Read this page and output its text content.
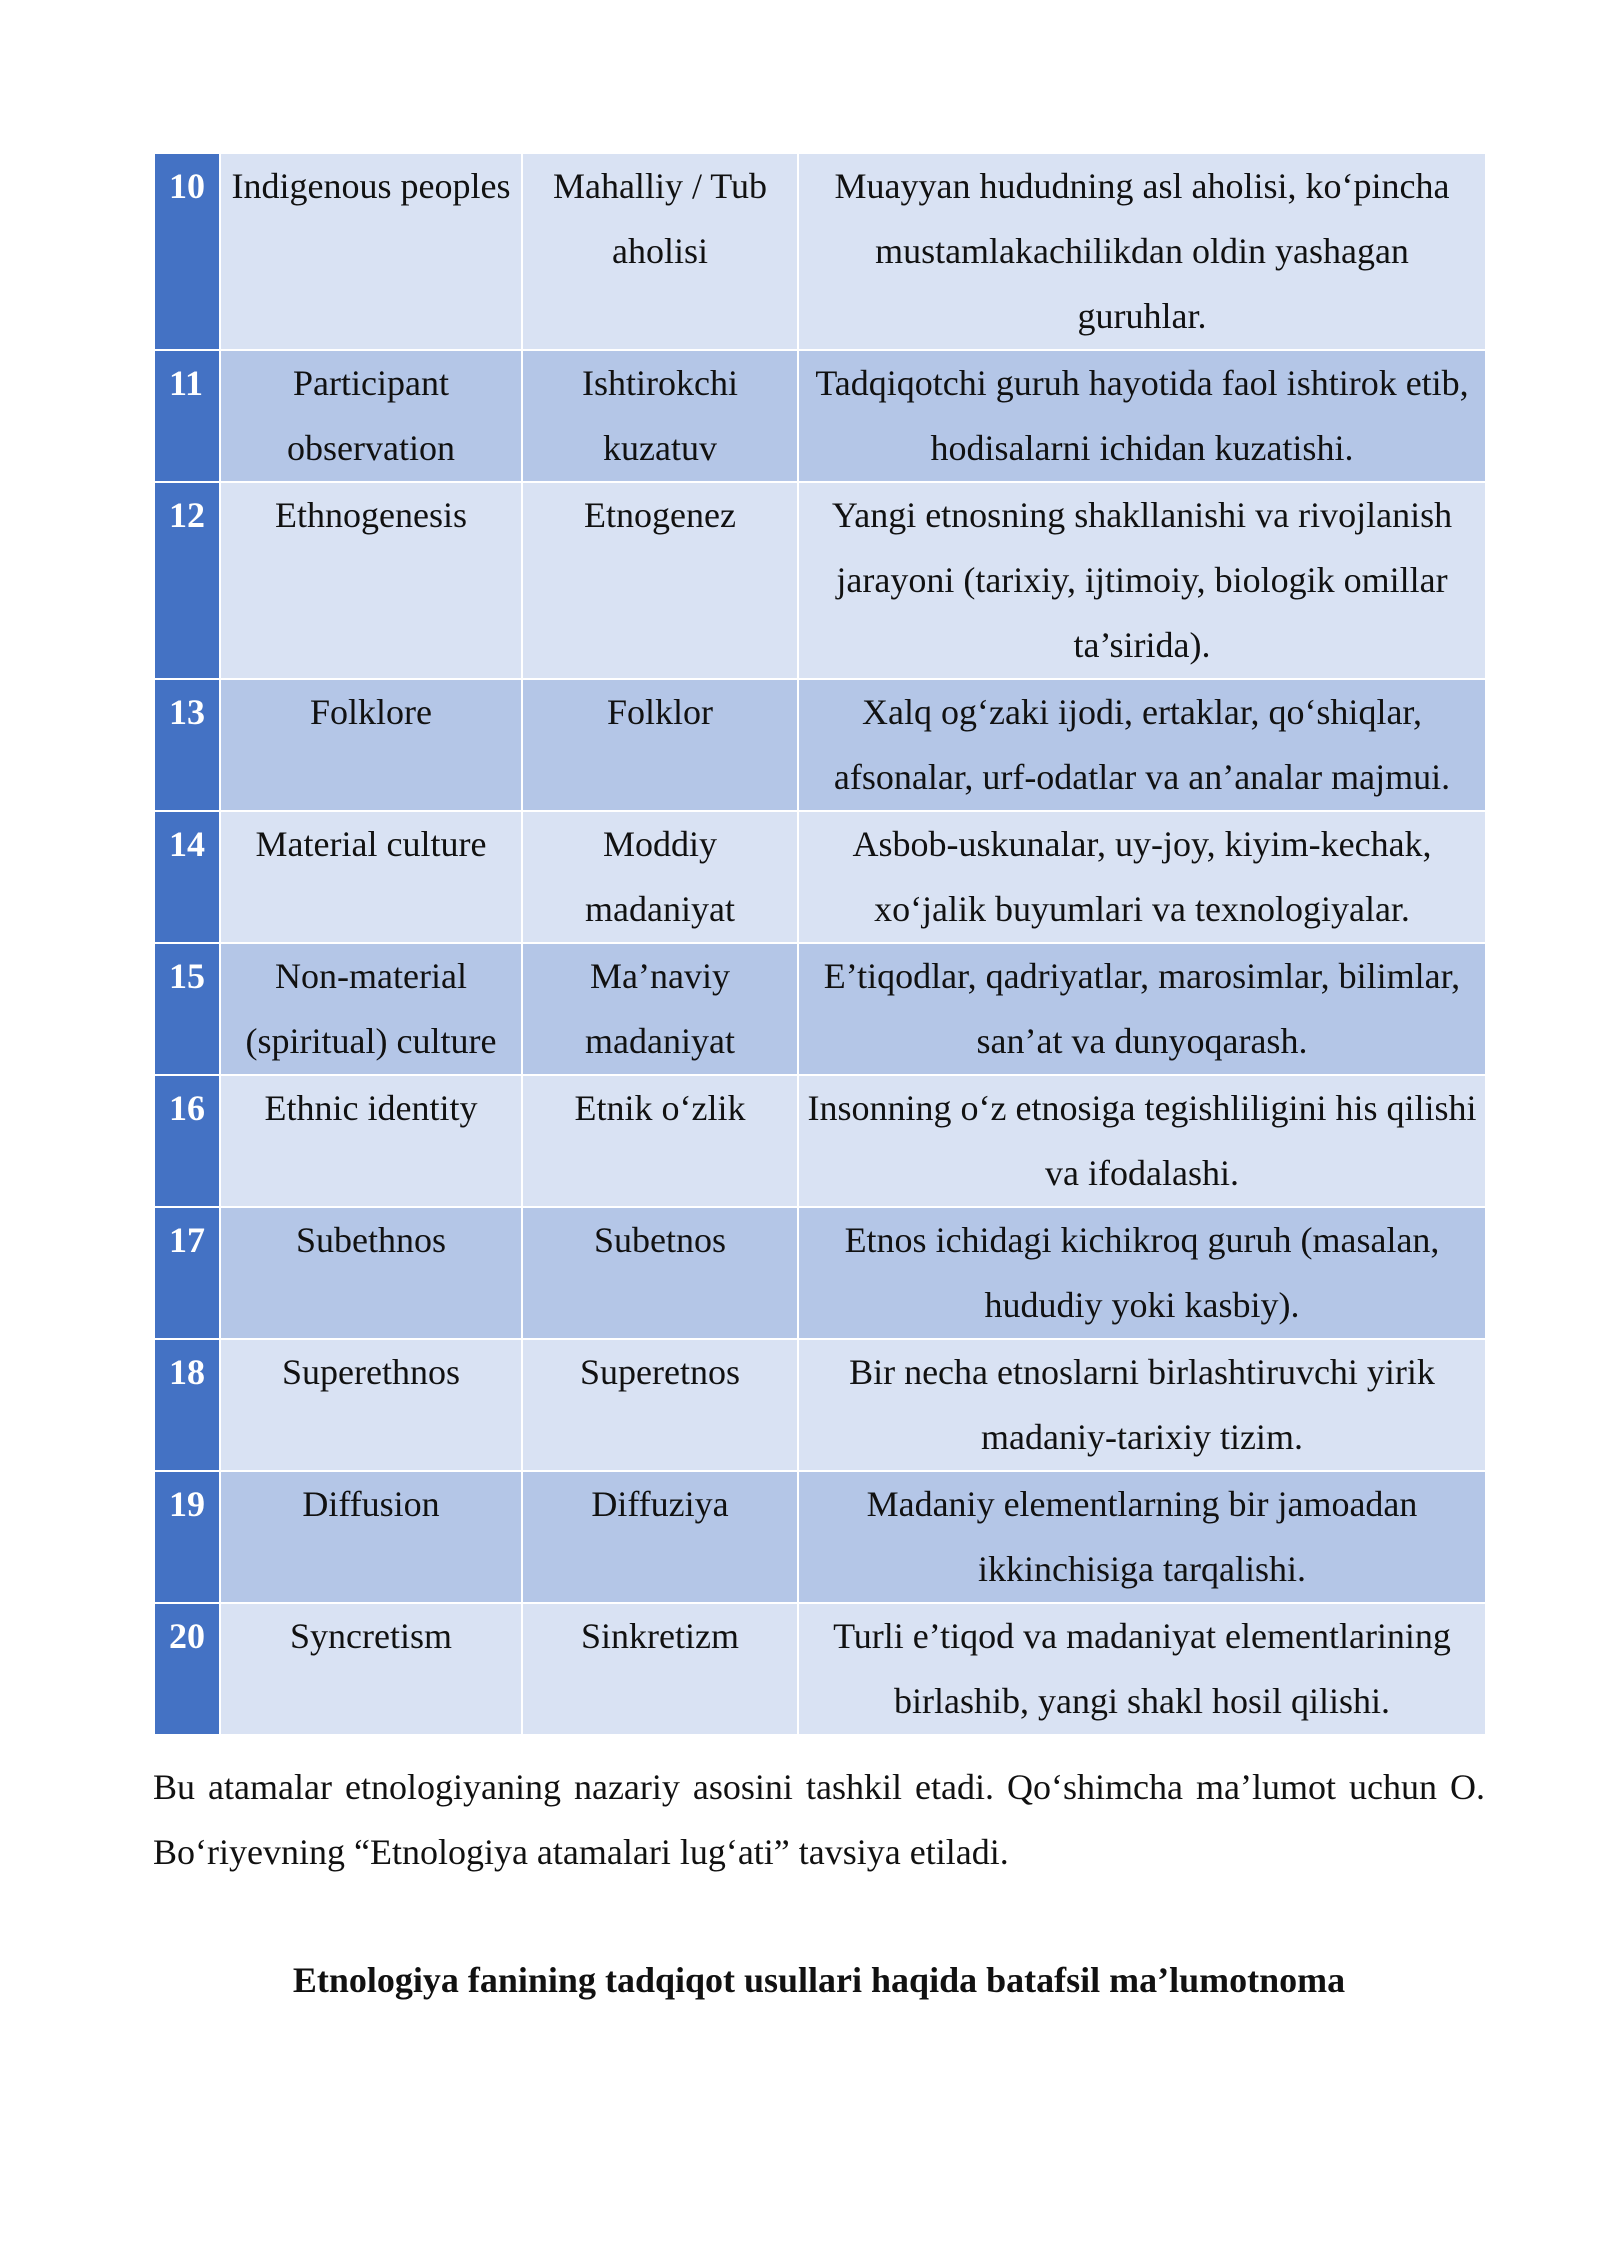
10	Indigenous peoples	Mahalliy / Tub aholisi	Muayyan hududning asl aholisi, ko‘pincha mustamlakachilikdan oldin yashagan guruhlar.
11	Participant observation	Ishtirokchi kuzatuv	Tadqiqotchi guruh hayotida faol ishtirok etib, hodisalarni ichidan kuzatishi.
12	Ethnogenesis	Etnogenez	Yangi etnosning shakllanishi va rivojlanish jarayoni (tarixiy, ijtimoiy, biologik omillar ta’sirida).
13	Folklore	Folklor	Xalq og‘zaki ijodi, ertaklar, qo‘shiqlar, afsonalar, urf-odatlar va an’analar majmui.
14	Material culture	Moddiy madaniyat	Asbob-uskunalar, uy-joy, kiyim-kechak, xo‘jalik buyumlari va texnologiyalar.
15	Non-material (spiritual) culture	Ma’naviy madaniyat	E’tiqodlar, qadriyatlar, marosimlar, bilimlar, san’at va dunyoqarash.
16	Ethnic identity	Etnik o‘zlik	Insonning o‘z etnosiga tegishliligini his qilishi va ifodalashi.
17	Subethnos	Subetnos	Etnos ichidagi kichikroq guruh (masalan, hududiy yoki kasbiy).
18	Superethnos	Superetnos	Bir necha etnoslarni birlashtiruvchi yirik madaniy-tarixiy tizim.
19	Diffusion	Diffuziya	Madaniy elementlarning bir jamoadan ikkinchisiga tarqalishi.
20	Syncretism	Sinkretizm	Turli e’tiqod va madaniyat elementlarining birlashib, yangi shakl hosil qilishi.

Bu atamalar etnologiyaning nazariy asosini tashkil etadi. Qo‘shimcha ma’lumot uchun O. Bo‘riyevning “Etnologiya atamalari lug‘ati” tavsiya etiladi.

Etnologiya fanining tadqiqot usullari haqida batafsil ma’lumotnoma
